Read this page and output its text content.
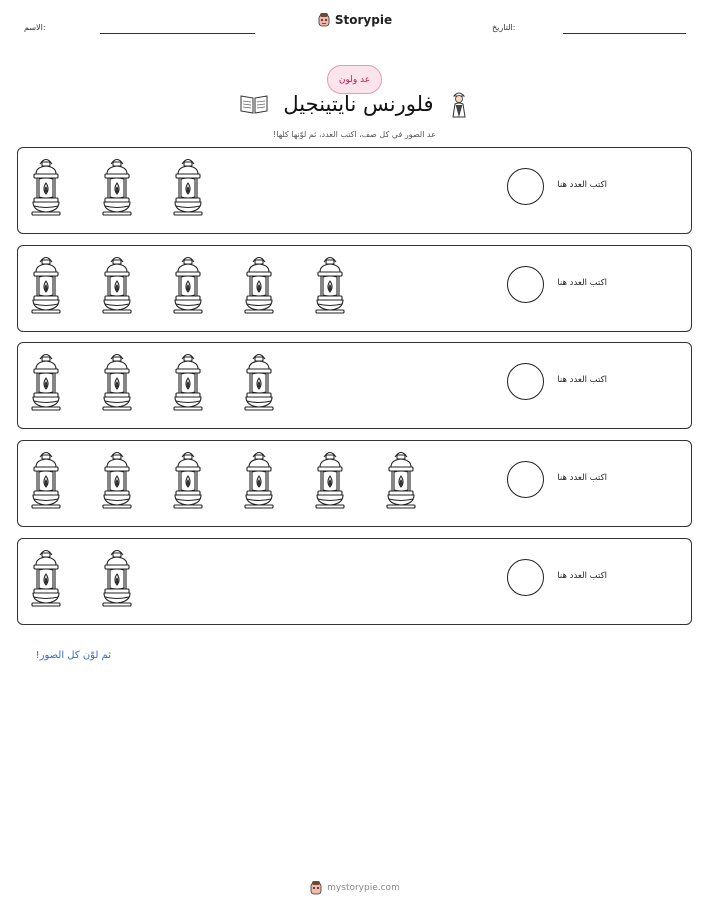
الاسم:
Storypie
التاريخ:
عد ولون
فلورنس نايتينجيل
عد الصور في كل صف، اكتب العدد، ثم لوّنها كلها!
اكتب العدد هنا
اكتب العدد هنا
اكتب العدد هنا
اكتب العدد هنا
اكتب العدد هنا
ثم لوّن كل الصور!
mystorypie.com
